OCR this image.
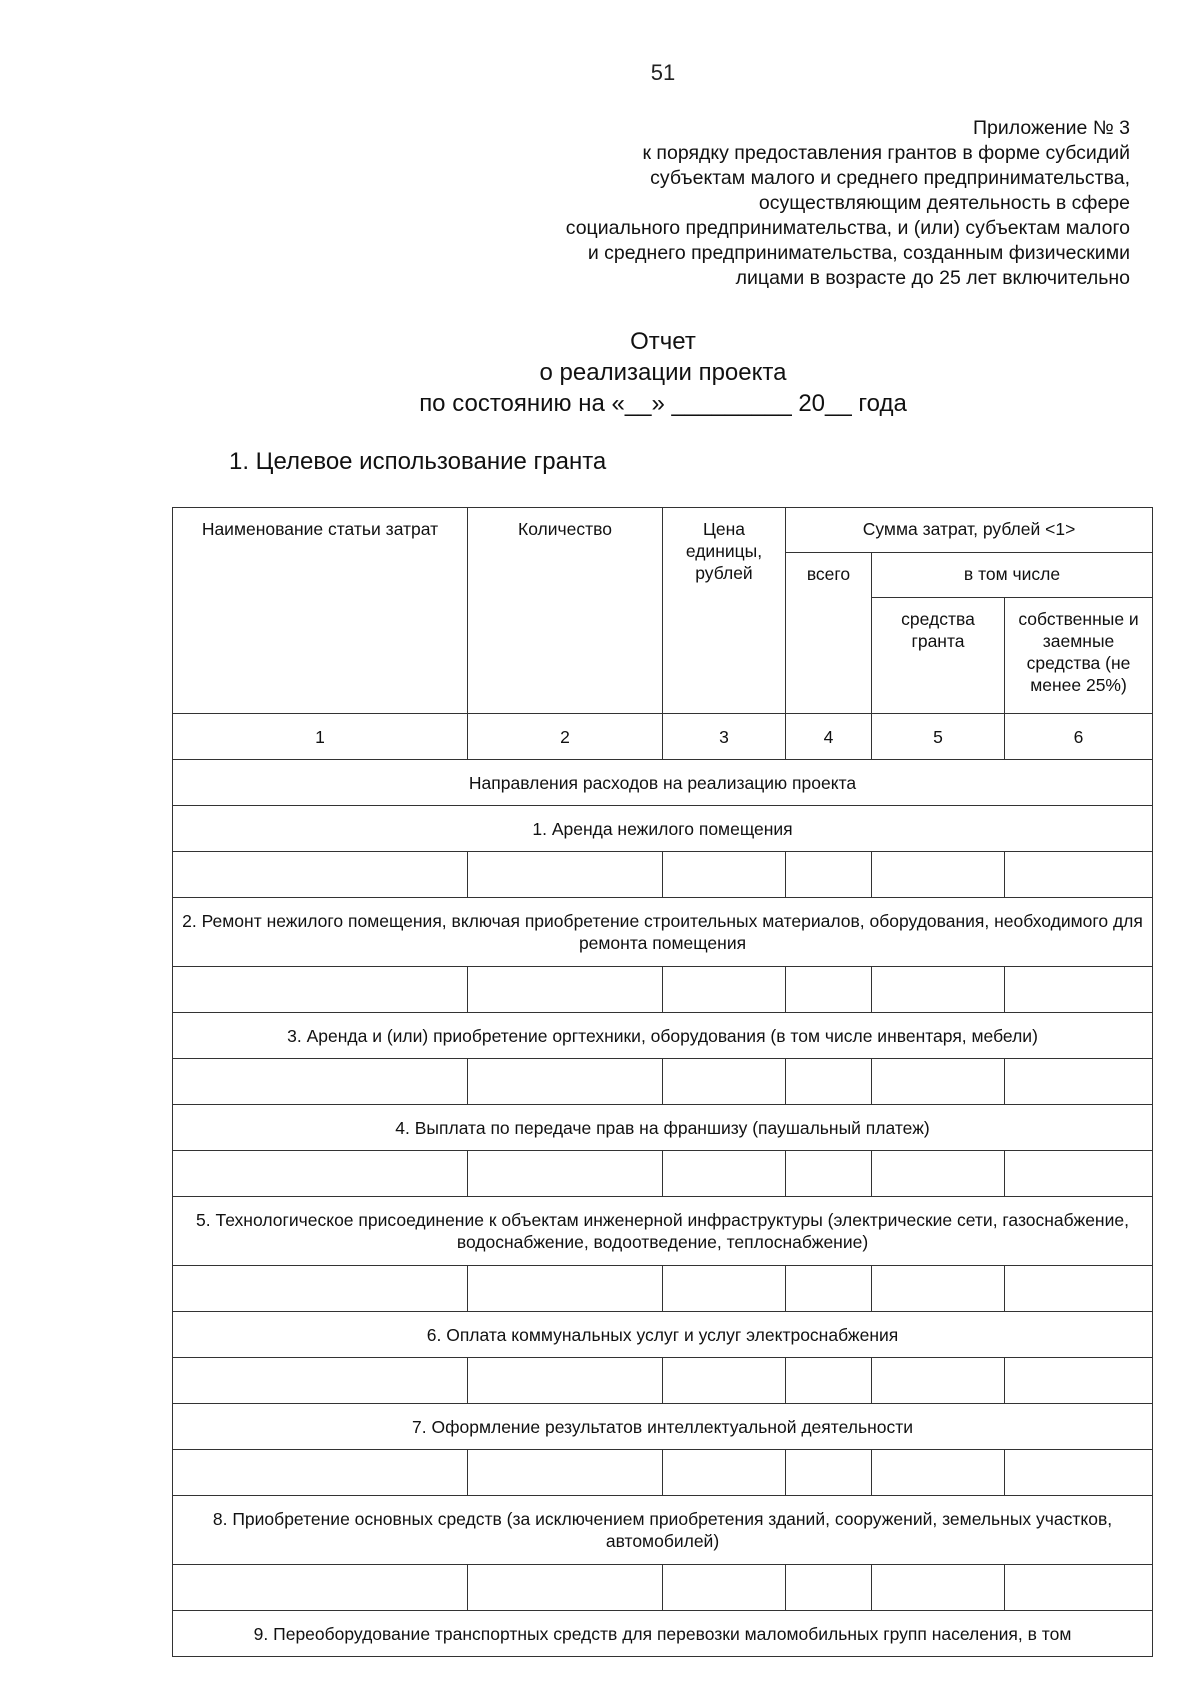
51
Приложение № 3
к порядку предоставления грантов в форме субсидий
субъектам малого и среднего предпринимательства,
осуществляющим деятельность в сфере
социального предпринимательства, и (или) субъектам малого
и среднего предпринимательства, созданным физическими
лицами в возрасте до 25 лет включительно
Отчет
о реализации проекта
по состоянию на «__» _________ 20__ года
1. Целевое использование гранта
Наименование статьи затрат	Количество	Цена единицы, рублей	Сумма затрат, рублей <1>		
			всего	в том числе	
				средства гранта	собственные и заемные средства (не менее 25%)
1	2	3	4	5	6
Направления расходов на реализацию проекта					
1. Аренда нежилого помещения					

2. Ремонт нежилого помещения, включая приобретение строительных материалов, оборудования, необходимого для ремонта помещения					

3. Аренда и (или) приобретение оргтехники, оборудования (в том числе инвентаря, мебели)					

4. Выплата по передаче прав на франшизу (паушальный платеж)					

5. Технологическое присоединение к объектам инженерной инфраструктуры (электрические сети, газоснабжение, водоснабжение, водоотведение, теплоснабжение)					

6. Оплата коммунальных услуг и услуг электроснабжения					

7. Оформление результатов интеллектуальной деятельности					

8. Приобретение основных средств (за исключением приобретения зданий, сооружений, земельных участков, автомобилей)					

9. Переоборудование транспортных средств для перевозки маломобильных групп населения, в том					
